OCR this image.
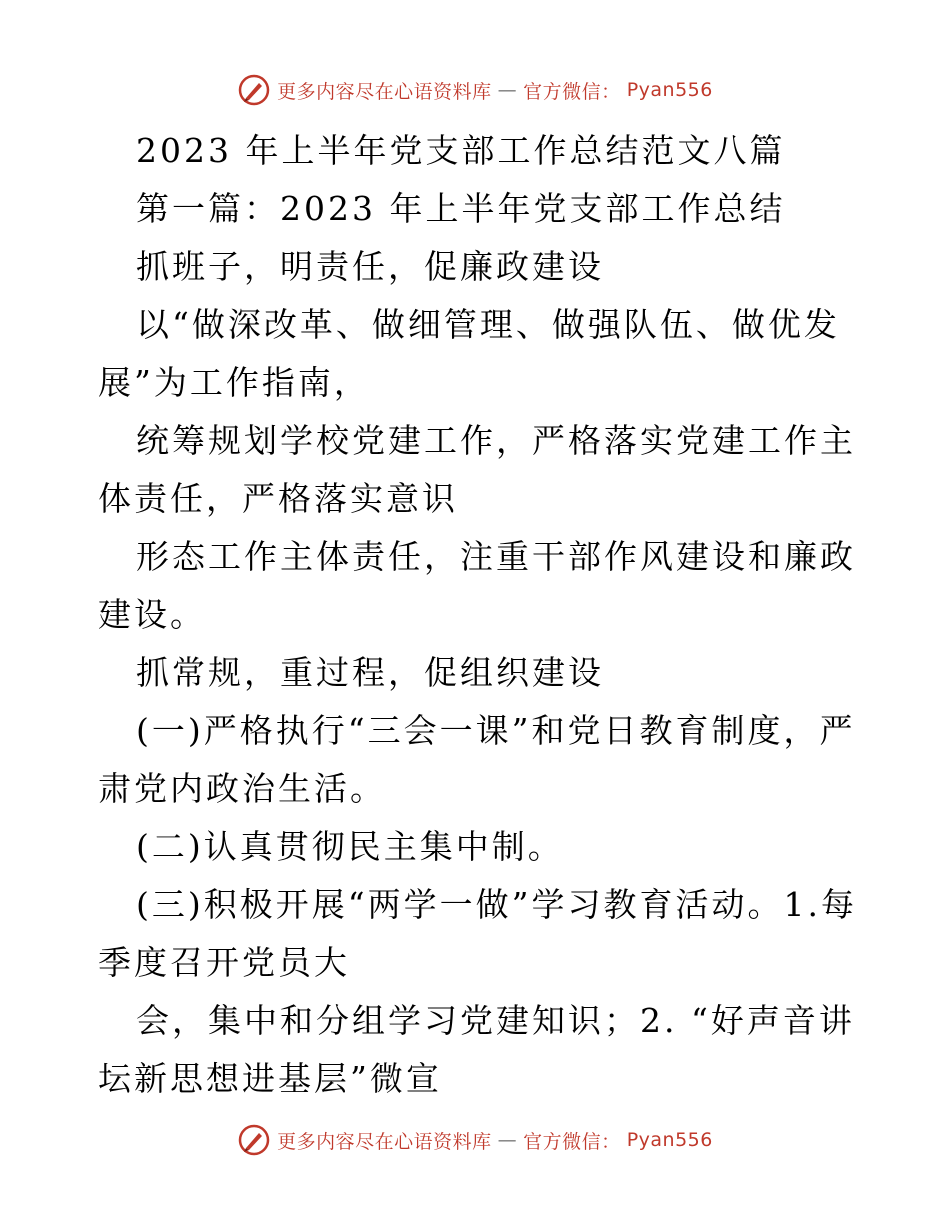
更多内容尽在心语资料库 — 官方微信： Pyan556

2023 年上半年党支部工作总结范文八篇

第一篇：2023 年上半年党支部工作总结

抓班子，明责任，促廉政建设

以“做深改革、做细管理、做强队伍、做优发展”为工作指南，

统筹规划学校党建工作，严格落实党建工作主体责任，严格落实意识

形态工作主体责任，注重干部作风建设和廉政建设。

抓常规，重过程，促组织建设

(一)严格执行“三会一课”和党日教育制度，严肃党内政治生活。

(二)认真贯彻民主集中制。

(三)积极开展“两学一做”学习教育活动。1.每季度召开党员大

会，集中和分组学习党建知识；2. “好声音讲坛新思想进基层”微宣

更多内容尽在心语资料库 — 官方微信： Pyan556
